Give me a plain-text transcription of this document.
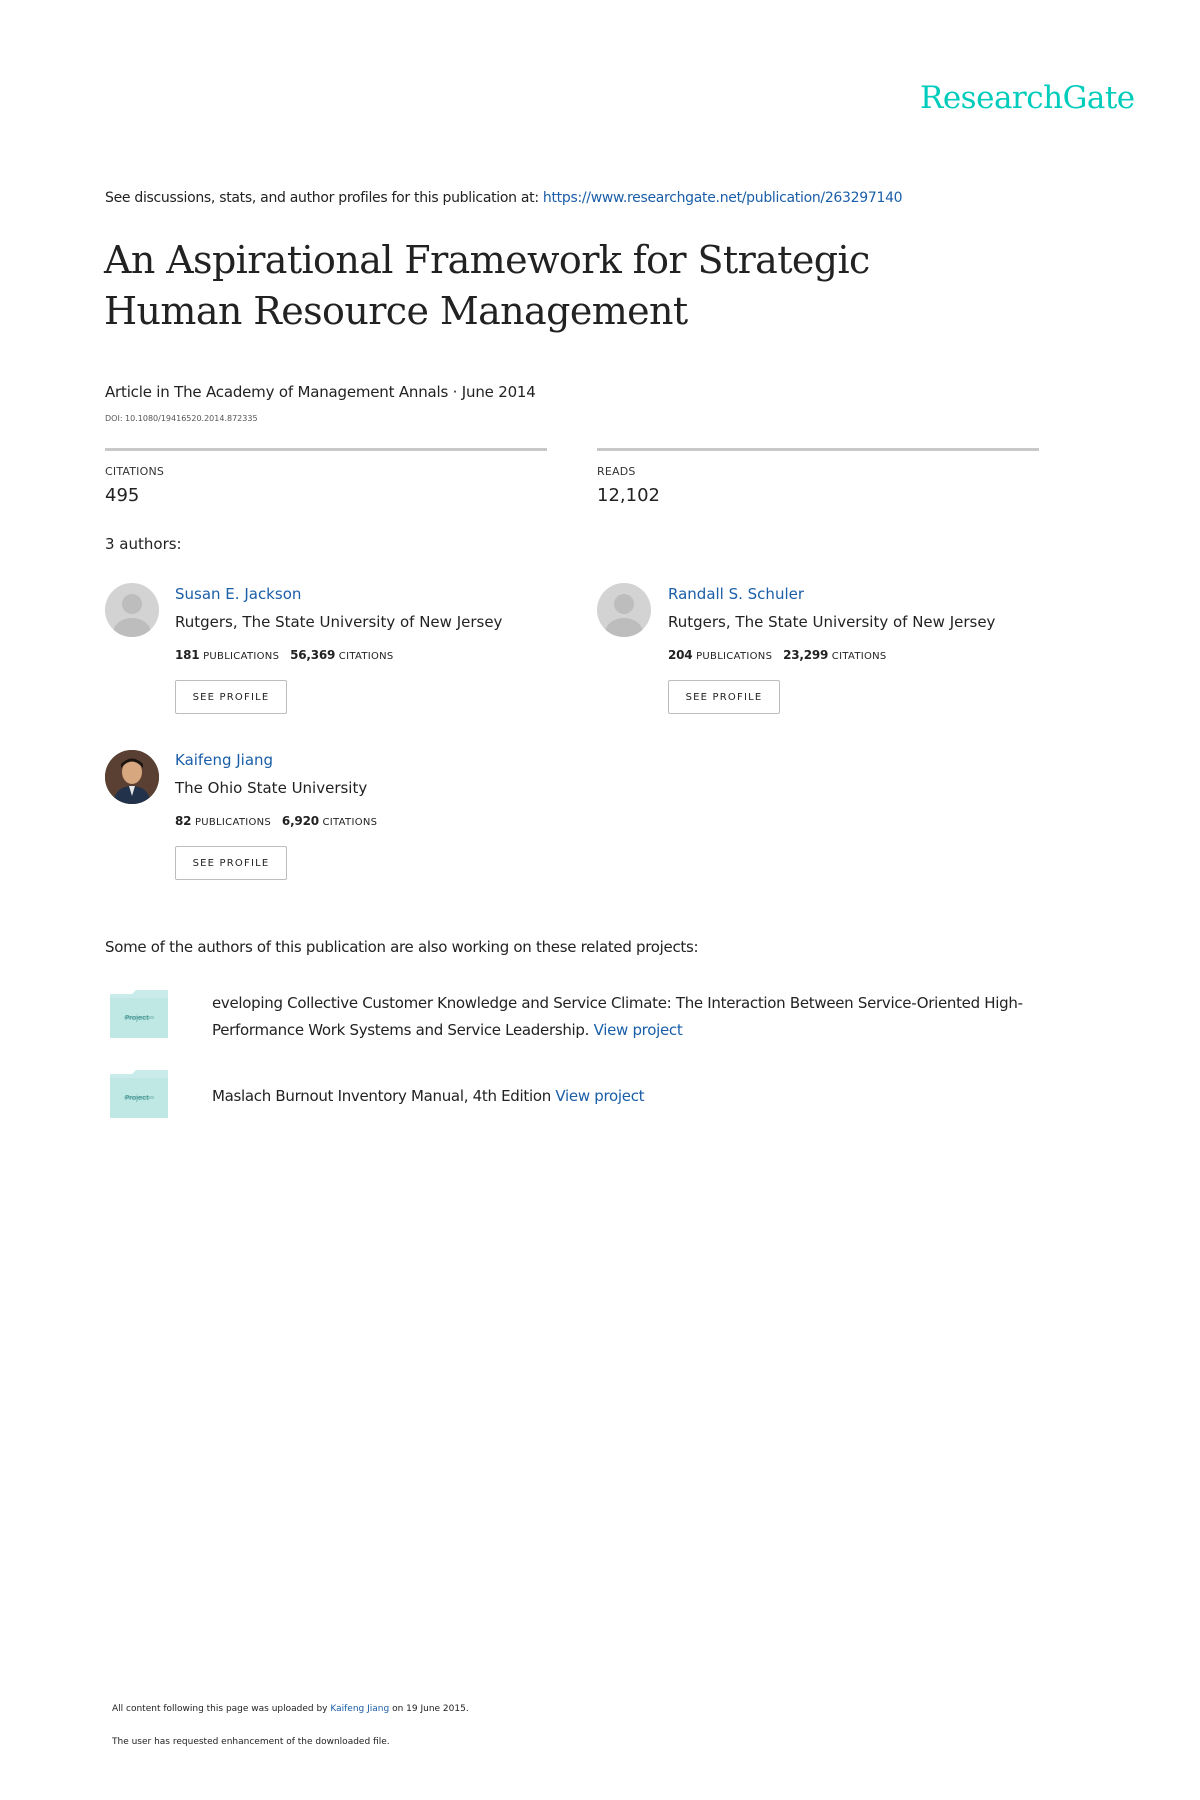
ResearchGate
See discussions, stats, and author profiles for this publication at: https://www.researchgate.net/publication/263297140
An Aspirational Framework for Strategic Human Resource Management
Article in The Academy of Management Annals · June 2014
DOI: 10.1080/19416520.2014.872335
CITATIONS
495
READS
12,102
3 authors:
Susan E. Jackson
Rutgers, The State University of New Jersey
181 PUBLICATIONS 56,369 CITATIONS
SEE PROFILE
Randall S. Schuler
Rutgers, The State University of New Jersey
204 PUBLICATIONS 23,299 CITATIONS
SEE PROFILE
Kaifeng Jiang
The Ohio State University
82 PUBLICATIONS 6,920 CITATIONS
SEE PROFILE
Some of the authors of this publication are also working on these related projects:
Project
eveloping Collective Customer Knowledge and Service Climate: The Interaction Between Service-Oriented High-Performance Work Systems and Service Leadership. View project
Project	Maslach Burnout Inventory Manual, 4th Edition View project
All content following this page was uploaded by Kaifeng Jiang on 19 June 2015.
The user has requested enhancement of the downloaded file.
